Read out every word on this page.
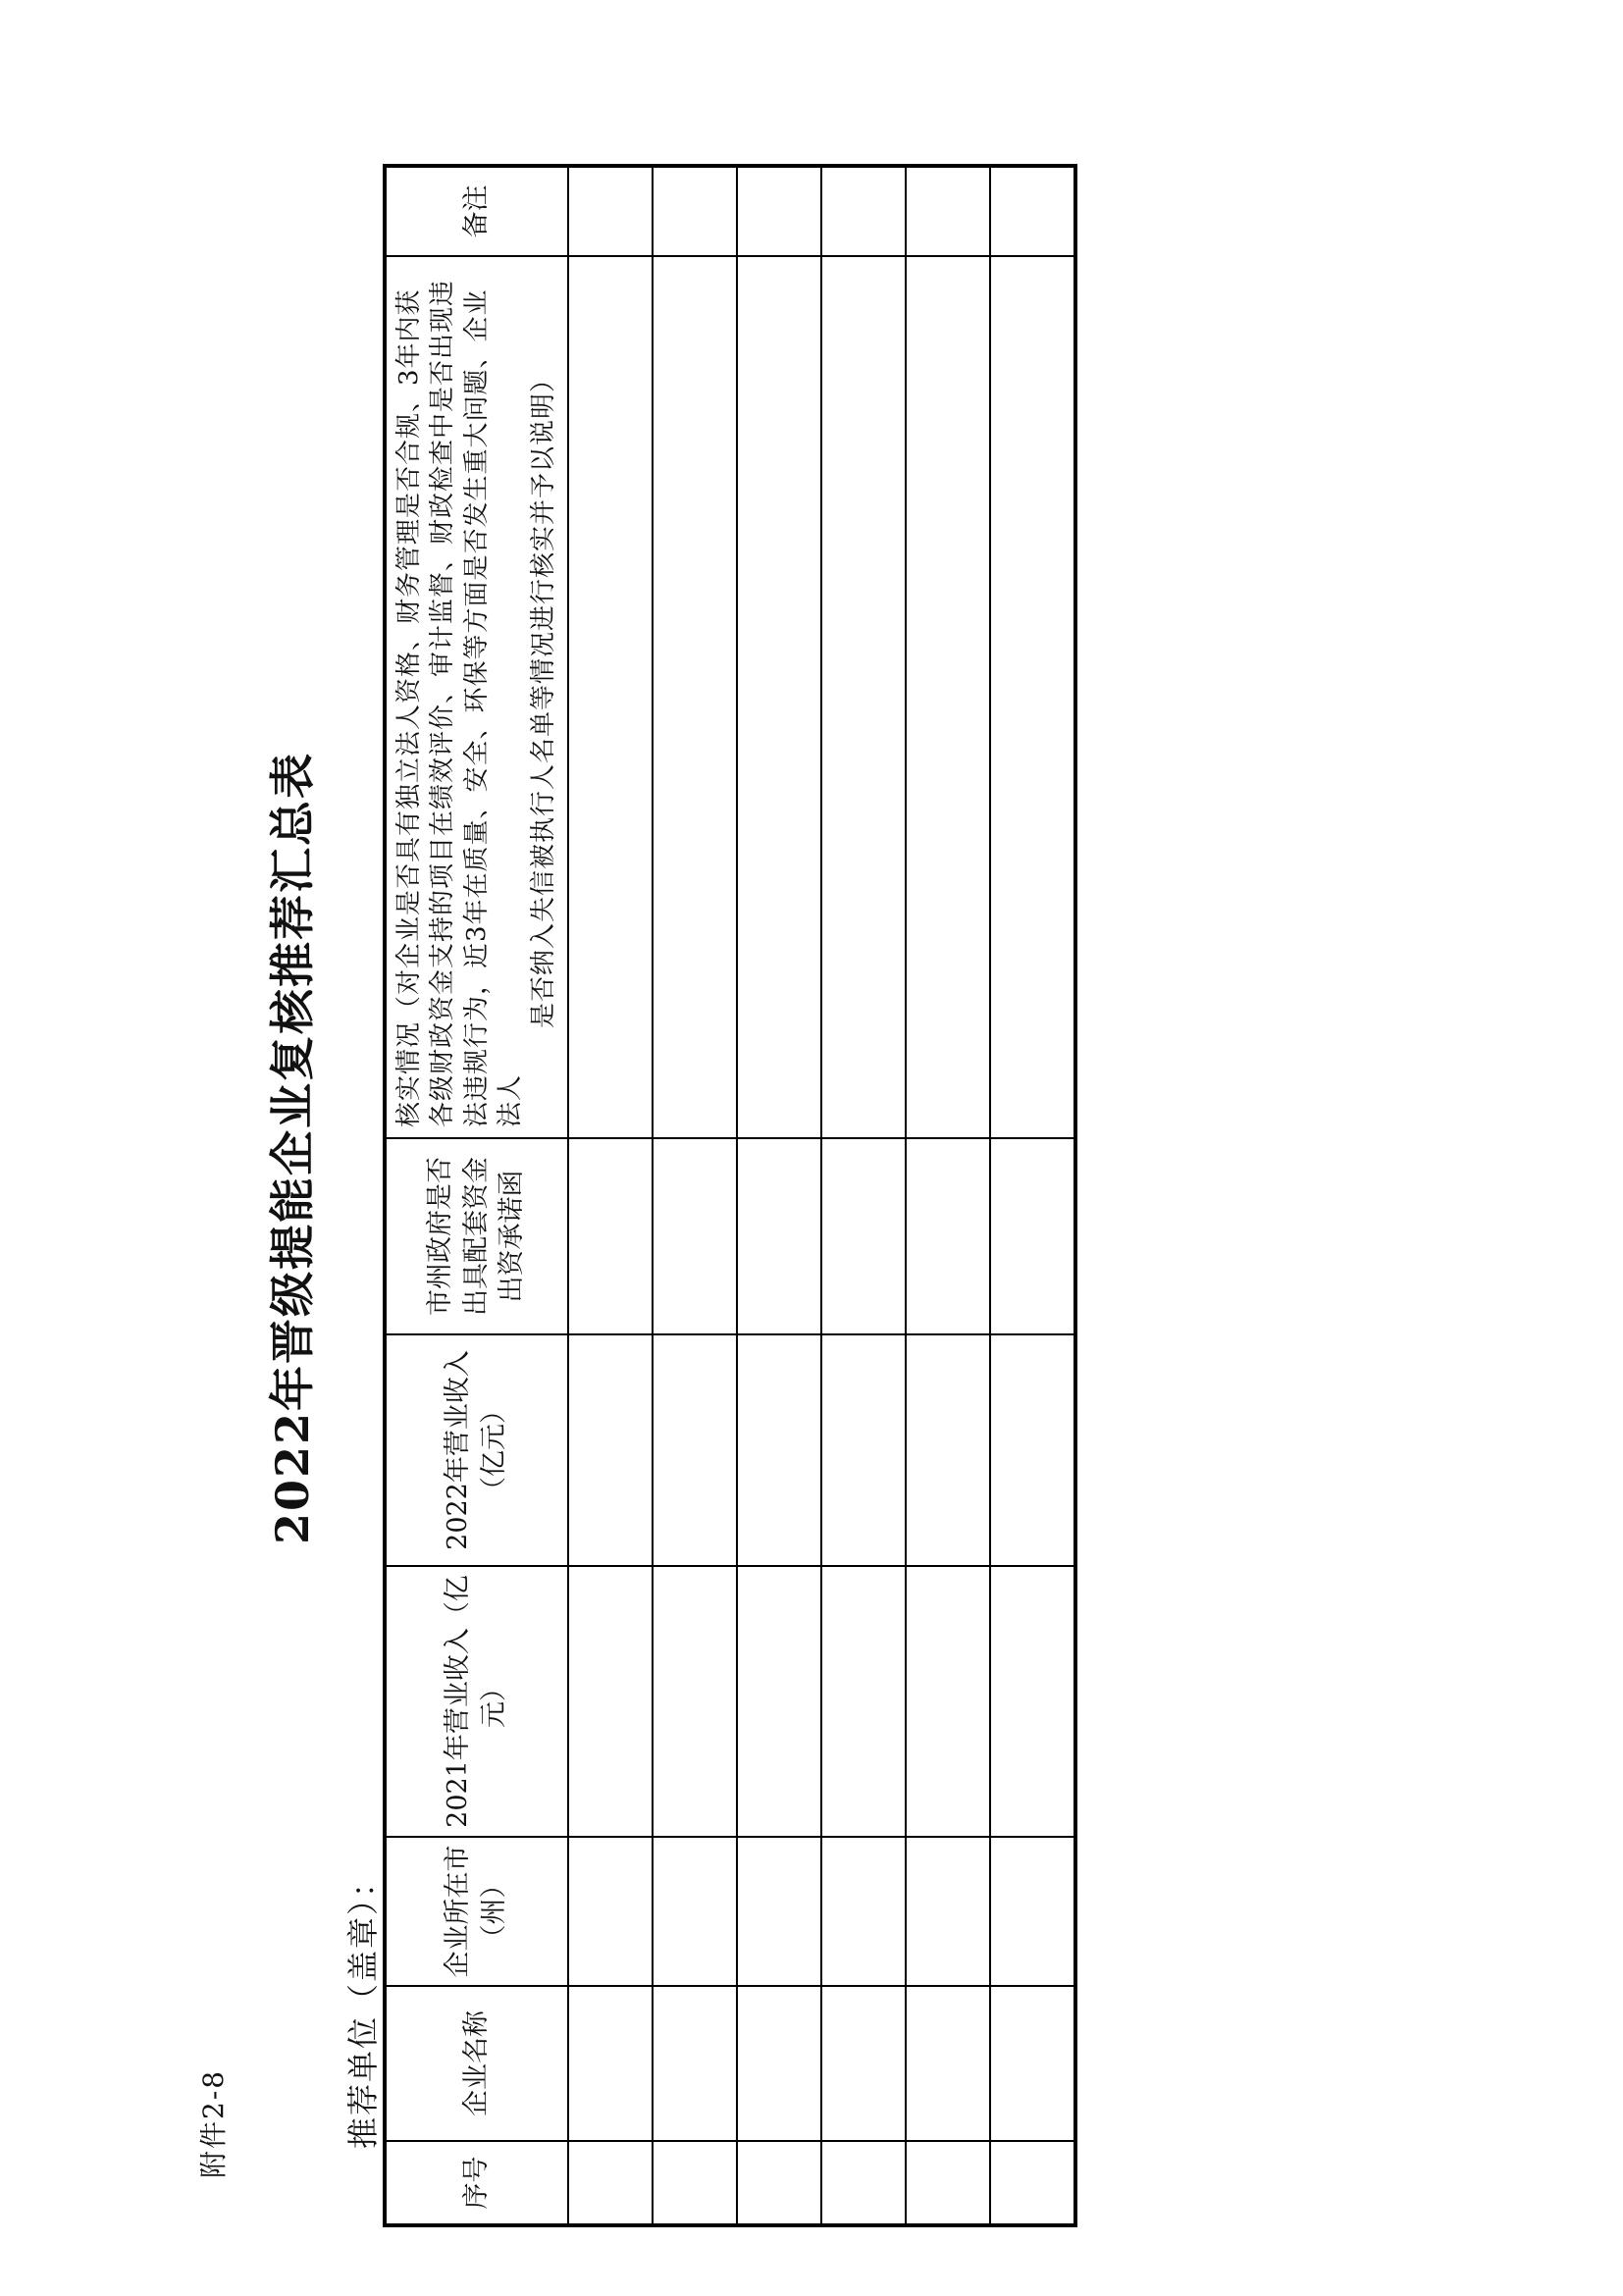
附件2-8
2022年晋级提能企业复核推荐汇总表
推荐单位（盖章）：
序号	企业名称	企业所在市（州）	2021年营业收入（亿元）	2022年营业收入（亿元）	市州政府是否出具配套资金出资承诺函	核实情况（对企业是否具有独立法人资格、财务管理是否合规、3年内获各级财政资金支持的项目在绩效评价、审计监督、财政检查中是否出现违法违规行为，近3年在质量、安全、环保等方面是否发生重大问题、企业法人
是否纳入失信被执行人名单等情况进行核实并予以说明）	备注
